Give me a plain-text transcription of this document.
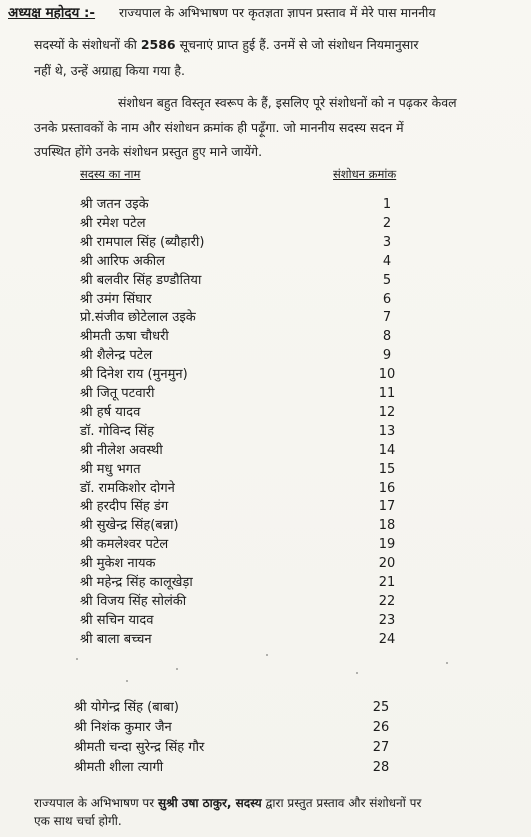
अध्यक्ष महोदय :- राज्यपाल के अभिभाषण पर कृतज्ञता ज्ञापन प्रस्ताव में मेरे पास माननीय
सदस्यों के संशोधनों की 2586 सूचनाएं प्राप्त हुई हैं. उनमें से जो संशोधन नियमानुसार
नहीं थे, उन्हें अग्राह्य किया गया है.
संशोधन बहुत विस्तृत स्वरूप के हैं, इसलिए पूरे संशोधनों को न पढ़कर केवल
उनके प्रस्तावकों के नाम और संशोधन क्रमांक ही पढ़ूँगा. जो माननीय सदस्य सदन में
उपस्थित होंगे उनके संशोधन प्रस्तुत हुए माने जायेंगे.
सदस्य का नाम	संशोधन क्रमांक
श्री जतन उइके	1
श्री रमेश पटेल	2
श्री रामपाल सिंह (ब्यौहारी)	3
श्री आरिफ अकील	4
श्री बलवीर सिंह डण्डौतिया	5
श्री उमंग सिंघार	6
प्रो.संजीव छोटेलाल उइके	7
श्रीमती ऊषा चौधरी	8
श्री शैलेन्द्र पटेल	9
श्री दिनेश राय (मुनमुन)	10
श्री जितू पटवारी	11
श्री हर्ष यादव	12
डॉ. गोविन्द सिंह	13
श्री नीलेश अवस्थी	14
श्री मधु भगत	15
डॉ. रामकिशोर दोगने	16
श्री हरदीप सिंह डंग	17
श्री सुखेन्द्र सिंह(बन्ना)	18
श्री कमलेश्वर पटेल	19
श्री मुकेश नायक	20
श्री महेन्द्र सिंह कालूखेड़ा	21
श्री विजय सिंह सोलंकी	22
श्री सचिन यादव	23
श्री बाला बच्चन	24
श्री योगेन्द्र सिंह (बाबा)	25
श्री निशंक कुमार जैन	26
श्रीमती चन्दा सुरेन्द्र सिंह गौर	27
श्रीमती शीला त्यागी	28
राज्यपाल के अभिभाषण पर सुश्री उषा ठाकुर, सदस्य द्वारा प्रस्तुत प्रस्ताव और संशोधनों पर
एक साथ चर्चा होगी.
